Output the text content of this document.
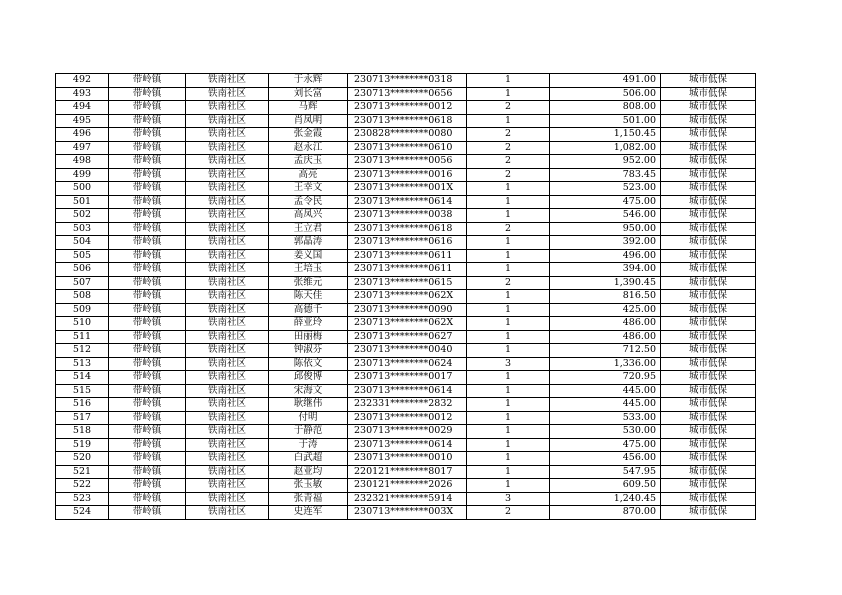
492	带岭镇	铁南社区	于永辉	230713********0318	1	491.00	城市低保
493	带岭镇	铁南社区	刘长富	230713********0656	1	506.00	城市低保
494	带岭镇	铁南社区	马辉	230713********0012	2	808.00	城市低保
495	带岭镇	铁南社区	肖凤明	230713********0618	1	501.00	城市低保
496	带岭镇	铁南社区	张金霞	230828********0080	2	1,150.45	城市低保
497	带岭镇	铁南社区	赵永江	230713********0610	2	1,082.00	城市低保
498	带岭镇	铁南社区	孟庆玉	230713********0056	2	952.00	城市低保
499	带岭镇	铁南社区	高亮	230713********0016	2	783.45	城市低保
500	带岭镇	铁南社区	王幸文	230713********001X	1	523.00	城市低保
501	带岭镇	铁南社区	孟令民	230713********0614	1	475.00	城市低保
502	带岭镇	铁南社区	高凤兴	230713********0038	1	546.00	城市低保
503	带岭镇	铁南社区	王立君	230713********0618	2	950.00	城市低保
504	带岭镇	铁南社区	郭晶涛	230713********0616	1	392.00	城市低保
505	带岭镇	铁南社区	姜义国	230713********0611	1	496.00	城市低保
506	带岭镇	铁南社区	王培玉	230713********0611	1	394.00	城市低保
507	带岭镇	铁南社区	张维元	230713********0615	2	1,390.45	城市低保
508	带岭镇	铁南社区	陈天佳	230713********062X	1	816.50	城市低保
509	带岭镇	铁南社区	高德千	230713********0090	1	425.00	城市低保
510	带岭镇	铁南社区	薛亚玲	230713********062X	1	486.00	城市低保
511	带岭镇	铁南社区	田丽梅	230713********0627	1	486.00	城市低保
512	带岭镇	铁南社区	钟淑芬	230713********0040	1	712.50	城市低保
513	带岭镇	铁南社区	陈依文	230713********0624	3	1,336.00	城市低保
514	带岭镇	铁南社区	邱俊博	230713********0017	1	720.95	城市低保
515	带岭镇	铁南社区	宋海文	230713********0614	1	445.00	城市低保
516	带岭镇	铁南社区	耿继伟	232331********2832	1	445.00	城市低保
517	带岭镇	铁南社区	付明	230713********0012	1	533.00	城市低保
518	带岭镇	铁南社区	于静范	230713********0029	1	530.00	城市低保
519	带岭镇	铁南社区	于涛	230713********0614	1	475.00	城市低保
520	带岭镇	铁南社区	白武超	230713********0010	1	456.00	城市低保
521	带岭镇	铁南社区	赵亚均	220121********8017	1	547.95	城市低保
522	带岭镇	铁南社区	张玉敏	230121********2026	1	609.50	城市低保
523	带岭镇	铁南社区	张青福	232321********5914	3	1,240.45	城市低保
524	带岭镇	铁南社区	史连军	230713********003X	2	870.00	城市低保
